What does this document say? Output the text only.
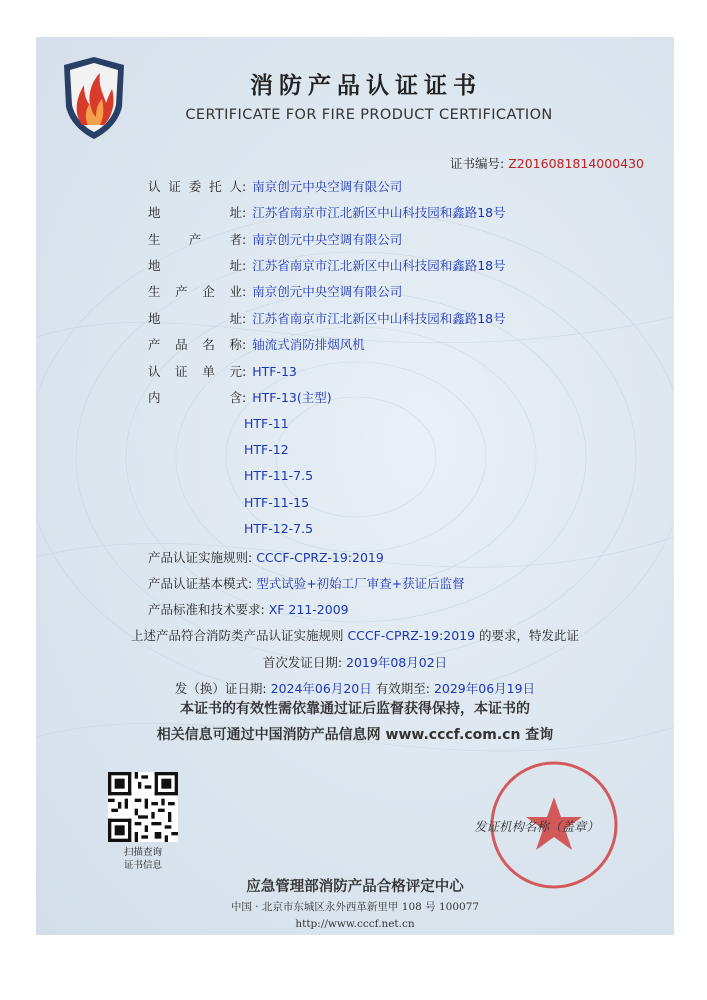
消防产品认证证书
CERTIFICATE FOR FIRE PRODUCT CERTIFICATION
证书编号: Z2016081814000430
认证委托人: 南京创元中央空调有限公司
地址: 江苏省南京市江北新区中山科技园和鑫路18号
生产者: 南京创元中央空调有限公司
地址: 江苏省南京市江北新区中山科技园和鑫路18号
生产企业: 南京创元中央空调有限公司
地址: 江苏省南京市江北新区中山科技园和鑫路18号
产品名称: 轴流式消防排烟风机
认证单元: HTF-13
内含: HTF-13(主型)
HTF-11
HTF-12
HTF-11-7.5
HTF-11-15
HTF-12-7.5
产品认证实施规则: CCCF-CPRZ-19:2019
产品认证基本模式: 型式试验+初始工厂审查+获证后监督
产品标准和技术要求: XF 211-2009
上述产品符合消防类产品认证实施规则 CCCF-CPRZ-19:2019 的要求，特发此证
首次发证日期: 2019年08月02日
发（换）证日期: 2024年06月20日 有效期至: 2029年06月19日
本证书的有效性需依靠通过证后监督获得保持，本证书的
相关信息可通过中国消防产品信息网 www.cccf.com.cn 查询
扫描查询
证书信息
发证机构名称（盖章）
应急管理部消防产品合格评定中心
中国 · 北京市东城区永外西革新里甲 108 号 100077
http://www.cccf.net.cn
